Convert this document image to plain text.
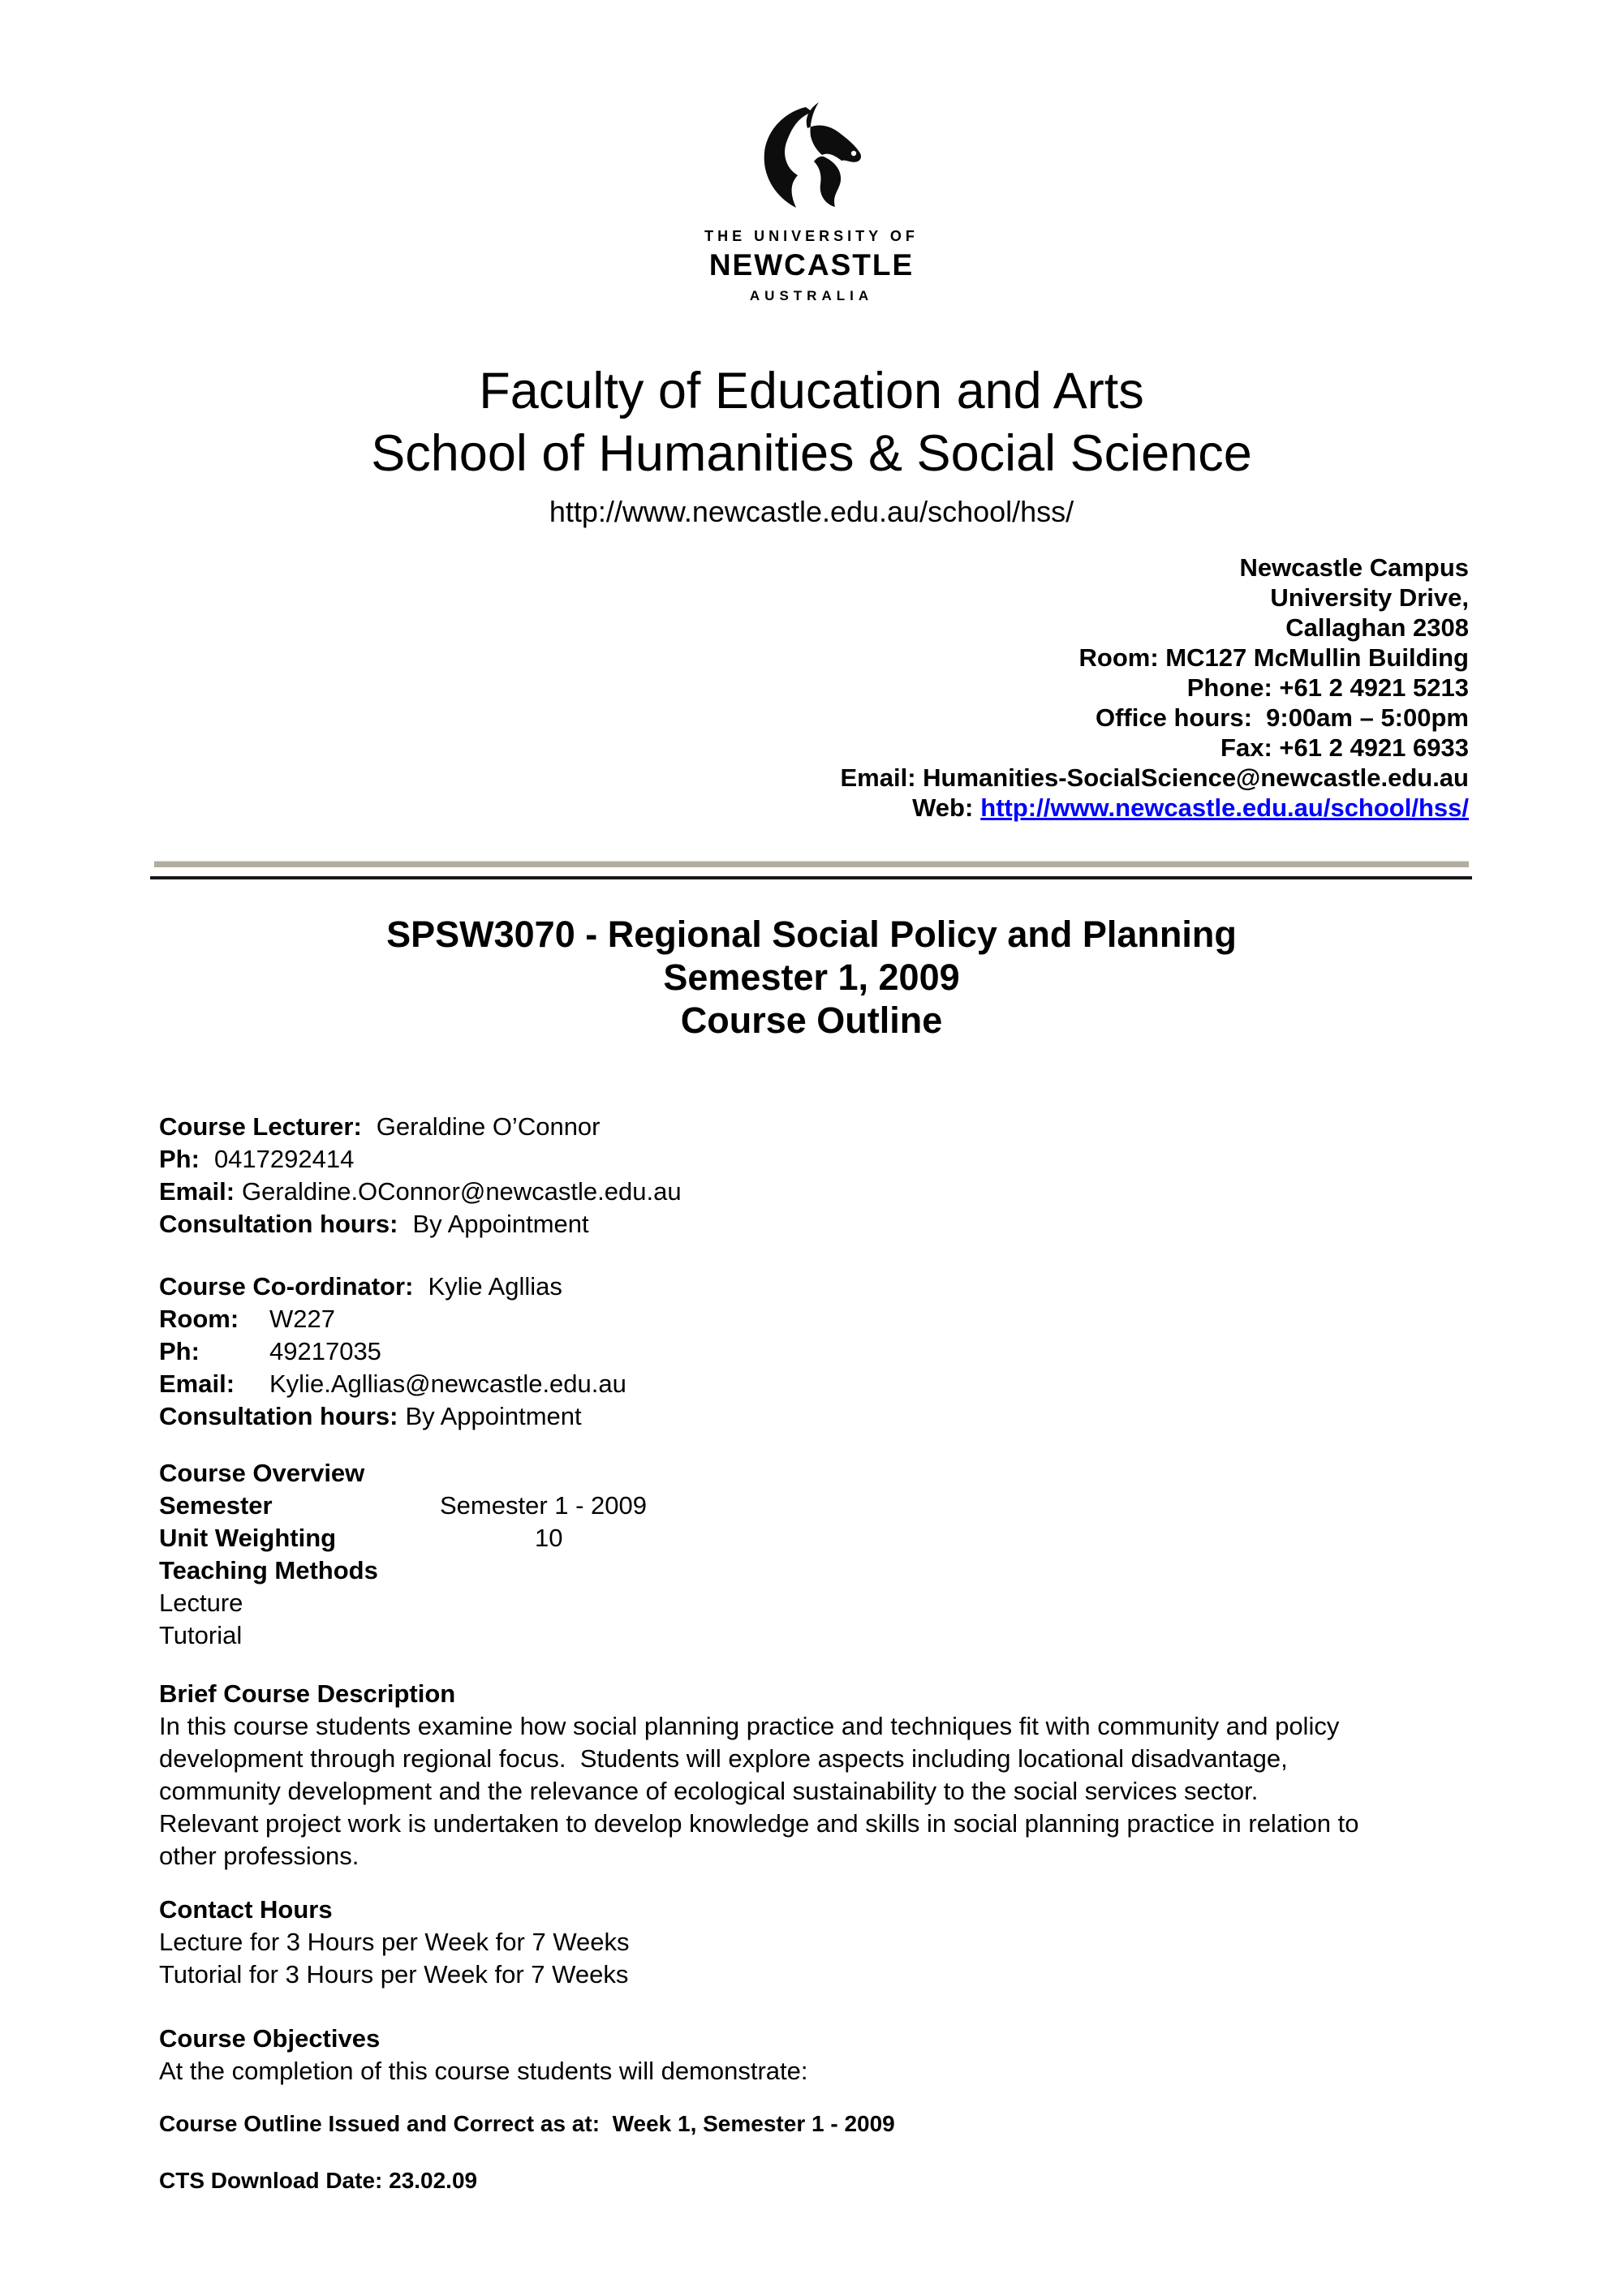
THE UNIVERSITY OF
NEWCASTLE
AUSTRALIA
Faculty of Education and Arts
School of Humanities & Social Science
http://www.newcastle.edu.au/school/hss/
Newcastle Campus
University Drive,
Callaghan 2308
Room: MC127 McMullin Building
Phone: +61 2 4921 5213
Office hours:  9:00am – 5:00pm
Fax: +61 2 4921 6933
Email: Humanities-SocialScience@newcastle.edu.au
Web: http://www.newcastle.edu.au/school/hss/
SPSW3070 - Regional Social Policy and Planning
Semester 1, 2009
Course Outline
Course Lecturer: Geraldine O’Connor
Ph: 0417292414
Email: Geraldine.OConnor@newcastle.edu.au
Consultation hours: By Appointment
Course Co-ordinator: Kylie Agllias
Room: W227
Ph:	49217035
Email: Kylie.Agllias@newcastle.edu.au
Consultation hours: By Appointment
Course Overview
Semester	Semester 1 - 2009
Unit Weighting	10
Teaching Methods
Lecture
Tutorial
Brief Course Description
In this course students examine how social planning practice and techniques fit with community and policy
development through regional focus.  Students will explore aspects including locational disadvantage,
community development and the relevance of ecological sustainability to the social services sector.
Relevant project work is undertaken to develop knowledge and skills in social planning practice in relation to
other professions.
Contact Hours
Lecture for 3 Hours per Week for 7 Weeks
Tutorial for 3 Hours per Week for 7 Weeks
Course Objectives
At the completion of this course students will demonstrate:
Course Outline Issued and Correct as at:  Week 1, Semester 1 - 2009
CTS Download Date: 23.02.09
